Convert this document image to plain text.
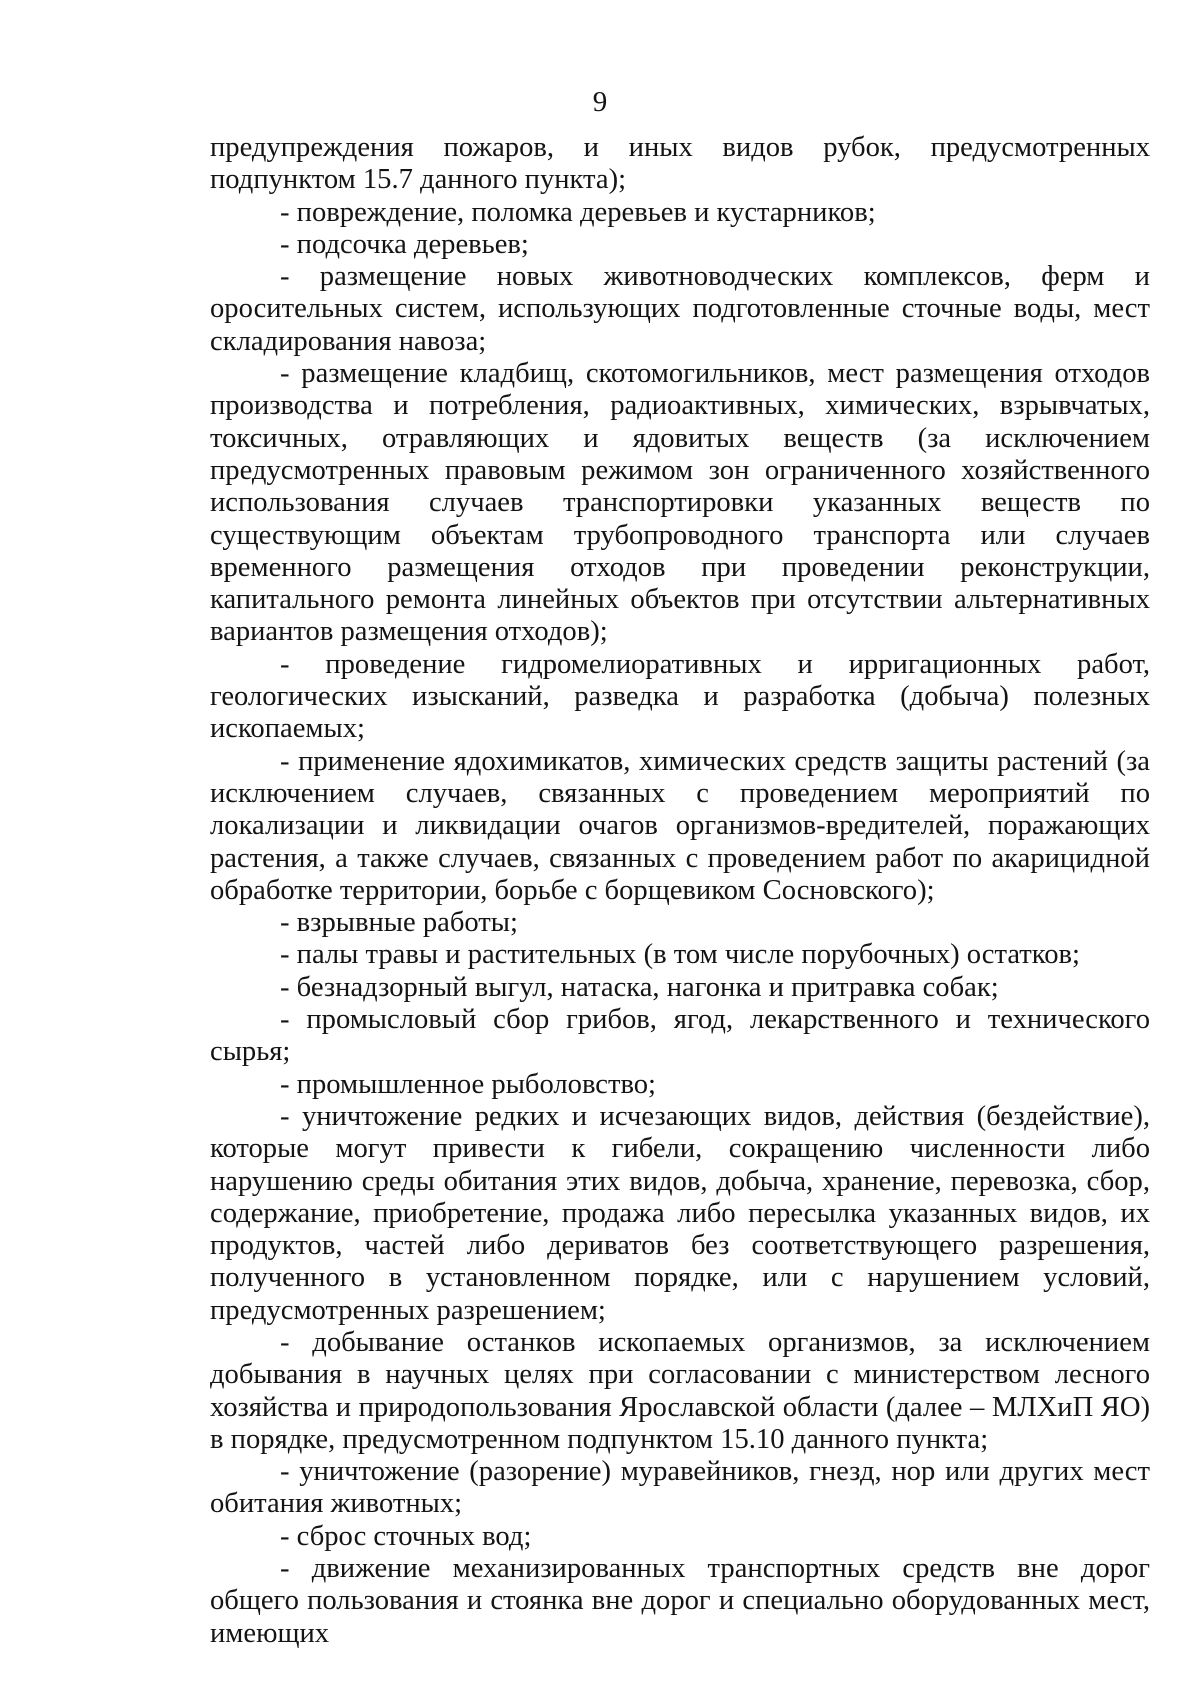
9

предупреждения пожаров, и иных видов рубок, предусмотренных подпунктом 15.7 данного пункта);

- повреждение, поломка деревьев и кустарников;

- подсочка деревьев;

- размещение новых животноводческих комплексов, ферм и оросительных систем, использующих подготовленные сточные воды, мест складирования навоза;

- размещение кладбищ, скотомогильников, мест размещения отходов производства и потребления, радиоактивных, химических, взрывчатых, токсичных, отравляющих и ядовитых веществ (за исключением предусмотренных правовым режимом зон ограниченного хозяйственного использования случаев транспортировки указанных веществ по существующим объектам трубопроводного транспорта или случаев временного размещения отходов при проведении реконструкции, капитального ремонта линейных объектов при отсутствии альтернативных вариантов размещения отходов);

- проведение гидромелиоративных и ирригационных работ, геологических изысканий, разведка и разработка (добыча) полезных ископаемых;

- применение ядохимикатов, химических средств защиты растений (за исключением случаев, связанных с проведением мероприятий по локализации и ликвидации очагов организмов-вредителей, поражающих растения, а также случаев, связанных с проведением работ по акарицидной обработке территории, борьбе с борщевиком Сосновского);

- взрывные работы;

- палы травы и растительных (в том числе порубочных) остатков;

- безнадзорный выгул, натаска, нагонка и притравка собак;

- промысловый сбор грибов, ягод, лекарственного и технического сырья;

- промышленное рыболовство;

- уничтожение редких и исчезающих видов, действия (бездействие), которые могут привести к гибели, сокращению численности либо нарушению среды обитания этих видов, добыча, хранение, перевозка, сбор, содержание, приобретение, продажа либо пересылка указанных видов, их продуктов, частей либо дериватов без соответствующего разрешения, полученного в установленном порядке, или с нарушением условий, предусмотренных разрешением;

- добывание останков ископаемых организмов, за исключением добывания в научных целях при согласовании с министерством лесного хозяйства и природопользования Ярославской области (далее – МЛХиП ЯО) в порядке, предусмотренном подпунктом 15.10 данного пункта;

- уничтожение (разорение) муравейников, гнезд, нор или других мест обитания животных;

- сброс сточных вод;

- движение механизированных транспортных средств вне дорог общего пользования и стоянка вне дорог и специально оборудованных мест, имеющих
